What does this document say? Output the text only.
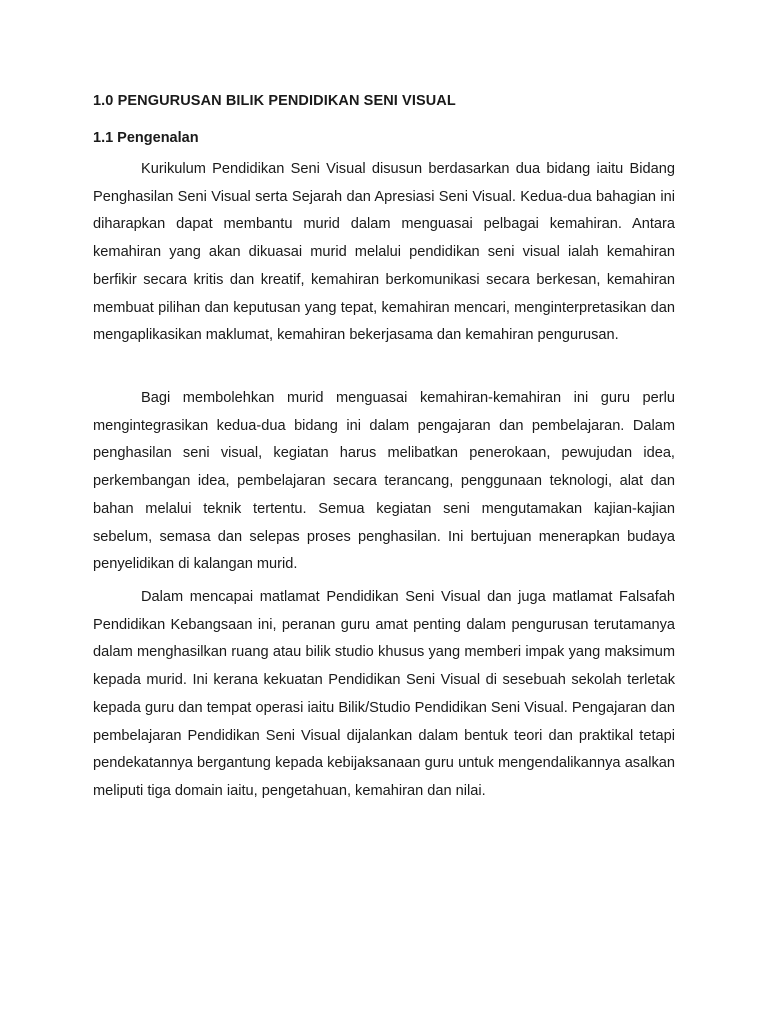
1.0 PENGURUSAN BILIK PENDIDIKAN SENI VISUAL
1.1 Pengenalan

Kurikulum Pendidikan Seni Visual disusun berdasarkan dua bidang iaitu Bidang Penghasilan Seni Visual serta Sejarah dan Apresiasi Seni Visual. Kedua-dua bahagian ini diharapkan dapat membantu murid dalam menguasai pelbagai kemahiran. Antara kemahiran yang akan dikuasai murid melalui pendidikan seni visual ialah kemahiran berfikir secara kritis dan kreatif, kemahiran berkomunikasi secara berkesan, kemahiran membuat pilihan dan keputusan yang tepat, kemahiran mencari, menginterpretasikan dan mengaplikasikan maklumat, kemahiran bekerjasama dan kemahiran pengurusan.

Bagi membolehkan murid menguasai kemahiran-kemahiran ini guru perlu mengintegrasikan kedua-dua bidang ini dalam pengajaran dan pembelajaran. Dalam penghasilan seni visual, kegiatan harus melibatkan penerokaan, pewujudan idea, perkembangan idea, pembelajaran secara terancang, penggunaan teknologi, alat dan bahan melalui teknik tertentu. Semua kegiatan seni mengutamakan kajian-kajian sebelum, semasa dan selepas proses penghasilan. Ini bertujuan menerapkan budaya penyelidikan di kalangan murid.

Dalam mencapai matlamat Pendidikan Seni Visual dan juga matlamat Falsafah Pendidikan Kebangsaan ini, peranan guru amat penting dalam pengurusan terutamanya dalam menghasilkan ruang atau bilik studio khusus yang memberi impak yang maksimum kepada murid. Ini kerana kekuatan Pendidikan Seni Visual di sesebuah sekolah terletak kepada guru dan tempat operasi iaitu Bilik/Studio Pendidikan Seni Visual. Pengajaran dan pembelajaran Pendidikan Seni Visual dijalankan dalam bentuk teori dan praktikal tetapi pendekatannya bergantung kepada kebijaksanaan guru untuk mengendalikannya asalkan meliputi tiga domain iaitu, pengetahuan, kemahiran dan nilai.
